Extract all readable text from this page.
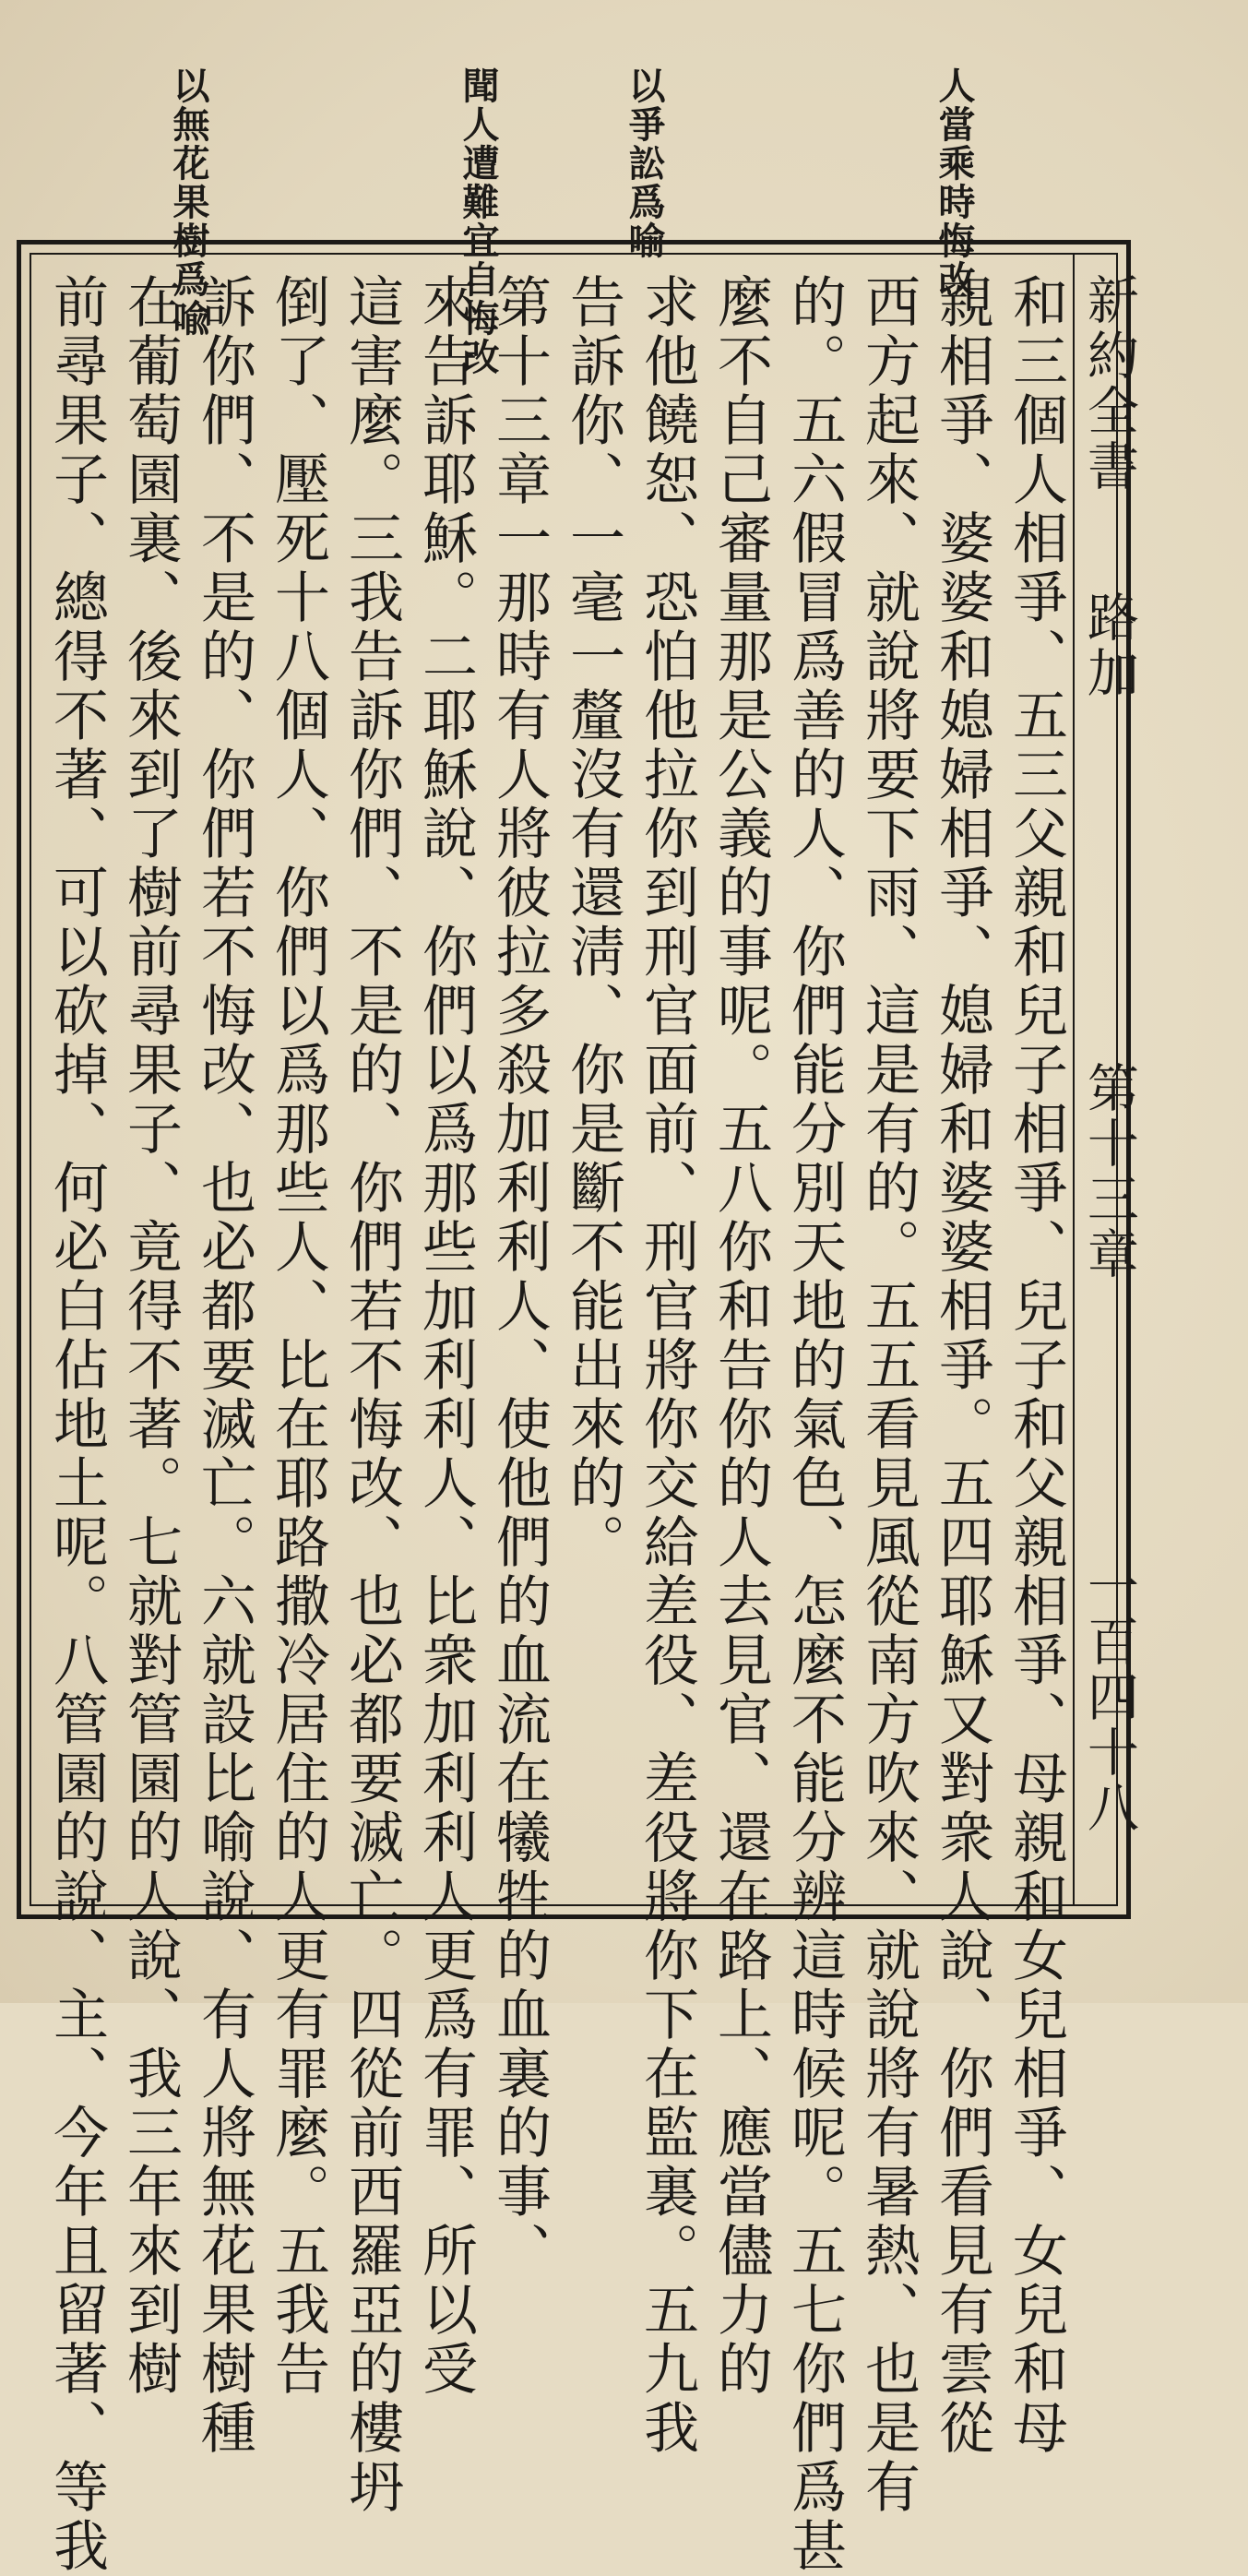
人當乘時悔改
以爭訟爲喻
聞人遭難宜自悔改
以無花果樹爲喩
新約全書
路加
第十三章
一百四十八
和三個人相爭、五三父親和兒子相爭、兒子和父親相爭、母親和女兒相爭、女兒和母
親相爭、婆婆和媳婦相爭、媳婦和婆婆相爭。五四耶穌又對衆人說、你們看見有雲從
西方起來、就說將要下雨、這是有的。五五看見風從南方吹來、就說將有暑熱、也是有
的。五六假冒爲善的人、你們能分別天地的氣色、怎麼不能分辨這時候呢。五七你們爲甚
麼不自己審量那是公義的事呢。五八你和告你的人去見官、還在路上、應當儘力的
求他饒恕、恐怕他拉你到刑官面前、刑官將你交給差役、差役將你下在監裏。五九我
告訴你、一毫一釐沒有還淸、你是斷不能出來的。
第十三章一那時有人將彼拉多殺加利利人、使他們的血流在犧牲的血裏的事、
來告訴耶穌。二耶穌說、你們以爲那些加利利人、比衆加利利人更爲有罪、所以受
這害麼。三我告訴你們、不是的、你們若不悔改、也必都要滅亡。四從前西羅亞的樓坍
倒了、壓死十八個人、你們以爲那些人、比在耶路撒冷居住的人更有罪麼。五我告
訴你們、不是的、你們若不悔改、也必都要滅亡。六就設比喻說、有人將無花果樹種
在葡萄園裏、後來到了樹前尋果子、竟得不著。七就對管園的人說、我三年來到樹
前尋果子、總得不著、可以砍掉、何必白佔地土呢。八管園的說、主、今年且留著、等我
